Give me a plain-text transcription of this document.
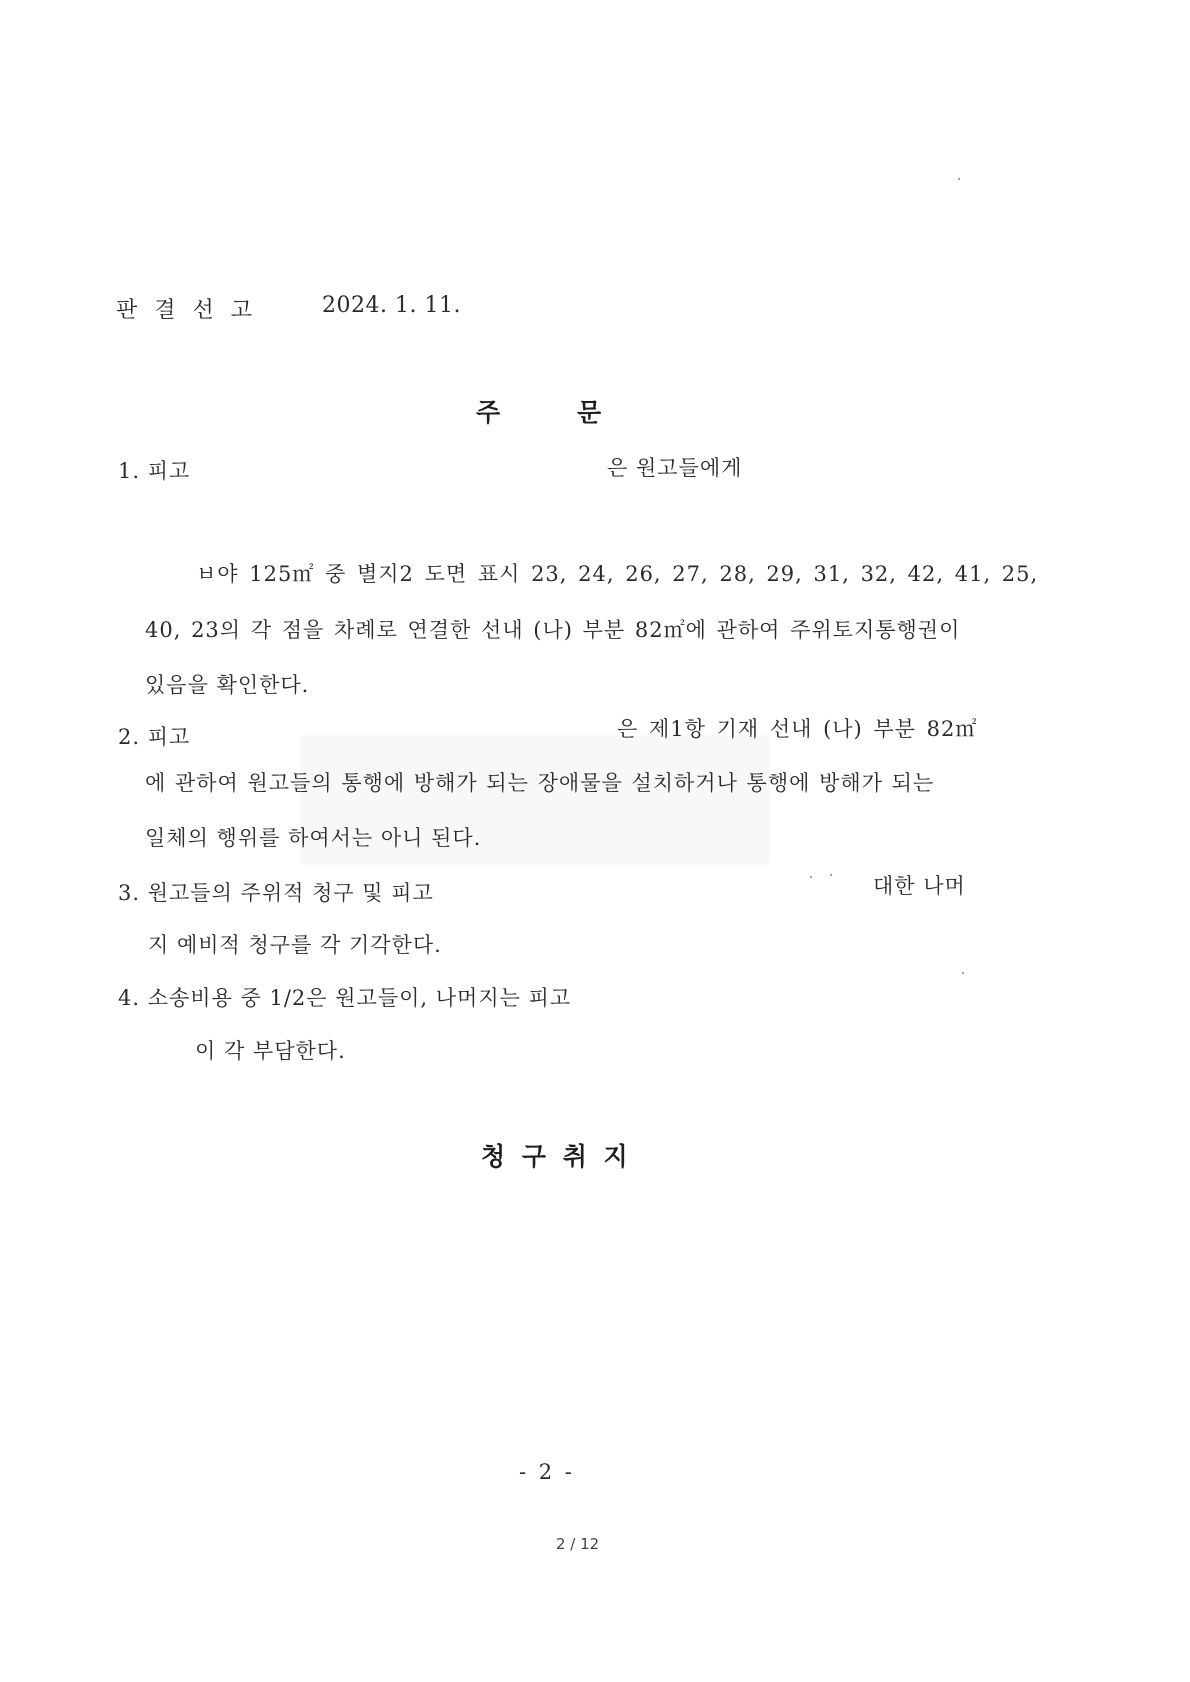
판 결 선 고	2024. 1. 11.
주	문
1. 피고	은 원고들에게
ㅂ야 125㎡ 중 별지2 도면 표시 23, 24, 26, 27, 28, 29, 31, 32, 42, 41, 25,
40, 23의 각 점을 차례로 연결한 선내 (나) 부분 82㎡에 관하여 주위토지통행권이
있음을 확인한다.
2. 피고	은 제1항 기재 선내 (나) 부분 82㎡
에 관하여 원고들의 통행에 방해가 되는 장애물을 설치하거나 통행에 방해가 되는
일체의 행위를 하여서는 아니 된다.
3. 원고들의 주위적 청구 및 피고	대한 나머
지 예비적 청구를 각 기각한다.
4. 소송비용 중 1/2은 원고들이, 나머지는 피고
이 각 부담한다.
청 구 취 지
- 2 -
2 / 12
